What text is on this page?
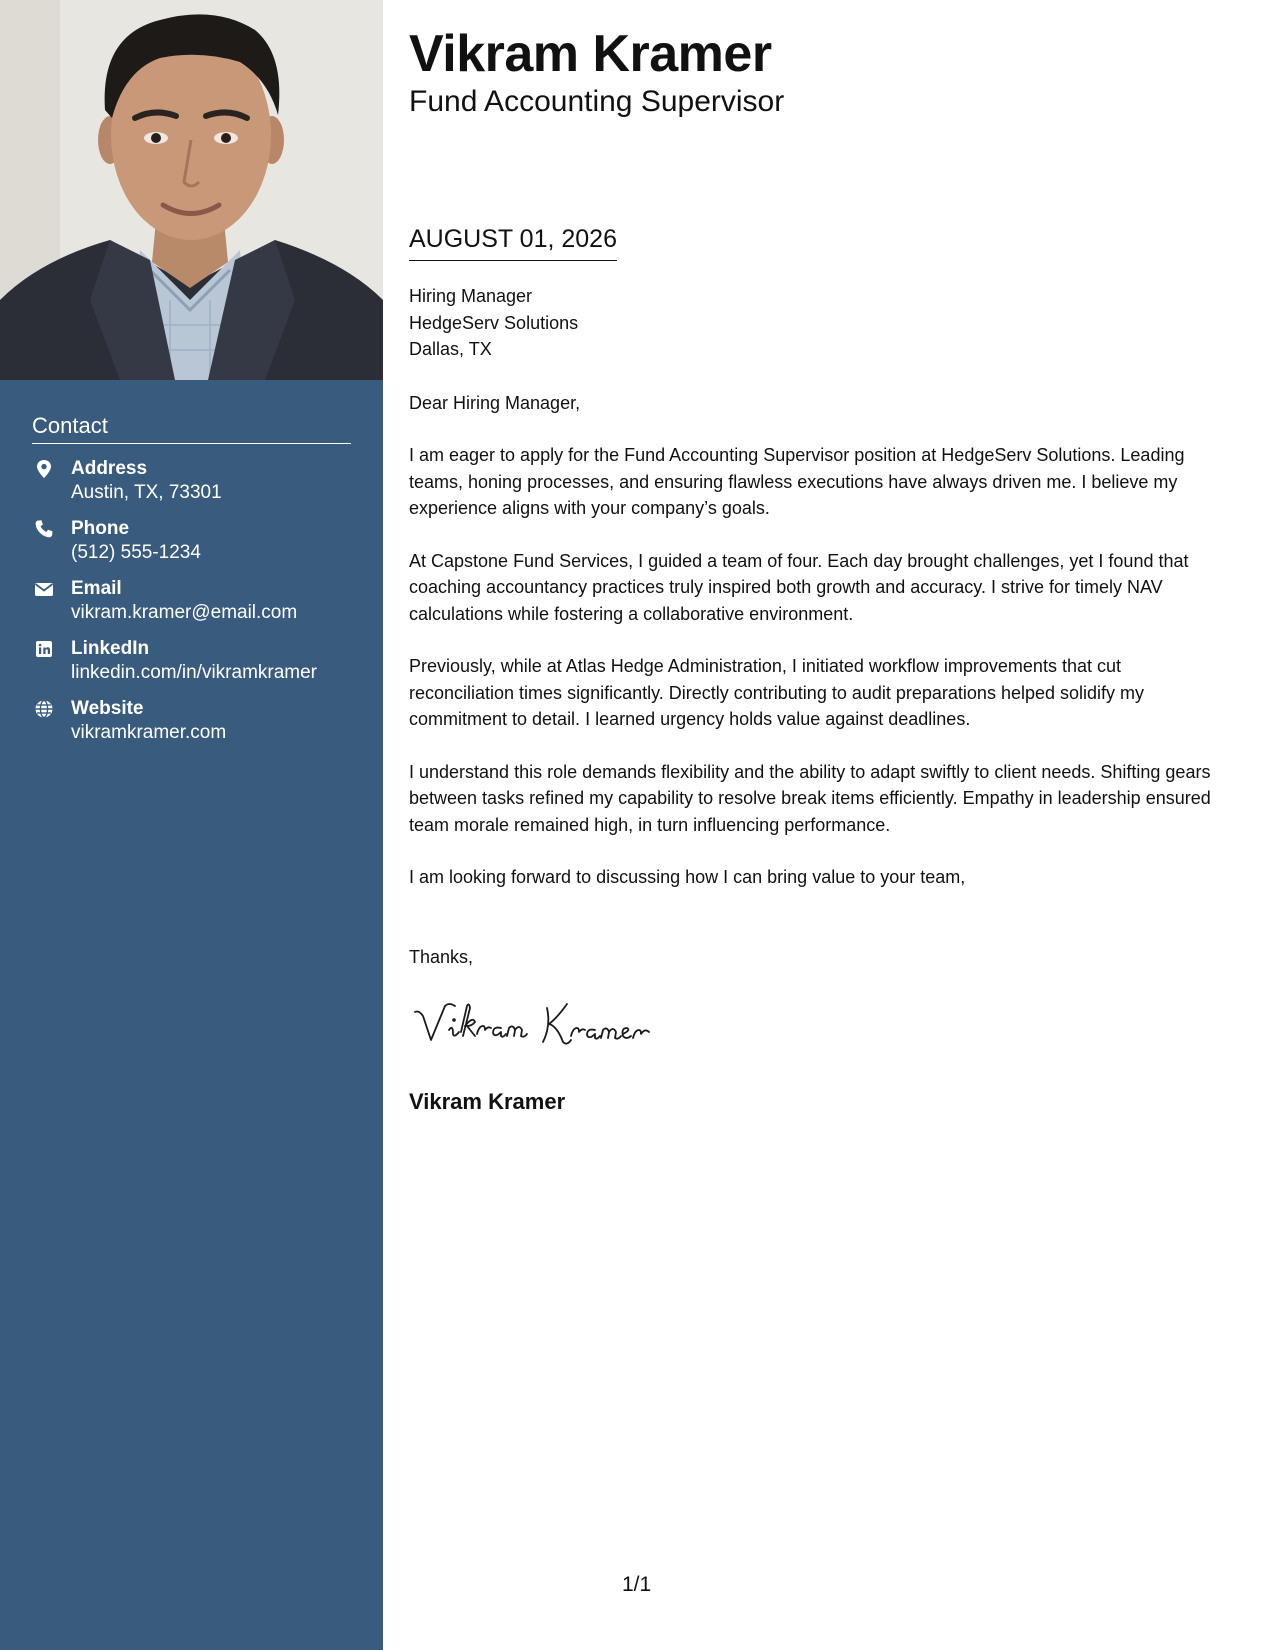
Contact
Address
Austin, TX, 73301
Phone
(512) 555-1234
Email
vikram.kramer@email.com
LinkedIn
linkedin.com/in/vikramkramer
Website
vikramkramer.com
Vikram Kramer
Fund Accounting Supervisor
AUGUST 01, 2026
Hiring Manager
HedgeServ Solutions
Dallas, TX
Dear Hiring Manager,

I am eager to apply for the Fund Accounting Supervisor position at HedgeServ Solutions. Leading teams, honing processes, and ensuring flawless executions have always driven me. I believe my experience aligns with your company’s goals.

At Capstone Fund Services, I guided a team of four. Each day brought challenges, yet I found that coaching accountancy practices truly inspired both growth and accuracy. I strive for timely NAV calculations while fostering a collaborative environment.

Previously, while at Atlas Hedge Administration, I initiated workflow improvements that cut reconciliation times significantly. Directly contributing to audit preparations helped solidify my commitment to detail. I learned urgency holds value against deadlines.

I understand this role demands flexibility and the ability to adapt swiftly to client needs. Shifting gears between tasks refined my capability to resolve break items efficiently. Empathy in leadership ensured team morale remained high, in turn influencing performance.

I am looking forward to discussing how I can bring value to your team,

Thanks,
Vikram Kramer
1/1
